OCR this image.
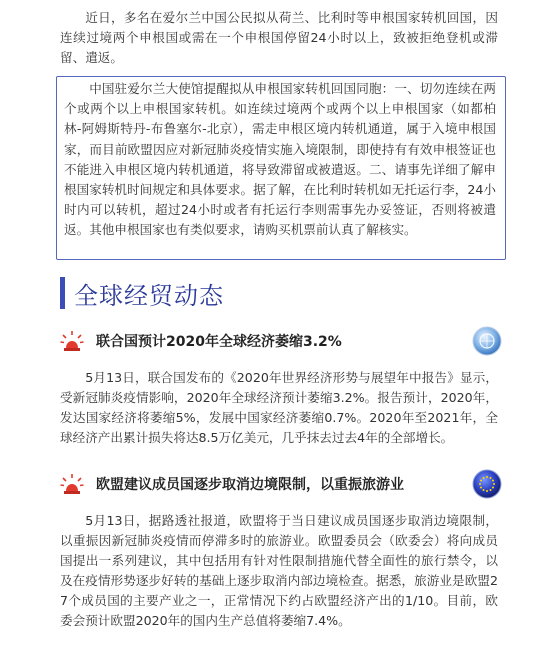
近日，多名在爱尔兰中国公民拟从荷兰、比利时等申根国家转机回国，因连续过境两个申根国或需在一个申根国停留24小时以上，致被拒绝登机或滞留、遣返。

中国驻爱尔兰大使馆提醒拟从申根国家转机回国同胞：一、切勿连续在两个或两个以上申根国家转机。如连续过境两个或两个以上申根国家（如都柏林-阿姆斯特丹-布鲁塞尔-北京），需走申根区境内转机通道，属于入境申根国家，而目前欧盟因应对新冠肺炎疫情实施入境限制，即使持有有效申根签证也不能进入申根区境内转机通道，将导致滞留或被遣返。二、请事先详细了解申根国家转机时间规定和具体要求。据了解，在比利时转机如无托运行李，24小时内可以转机，超过24小时或者有托运行李则需事先办妥签证，否则将被遣返。其他申根国家也有类似要求，请购买机票前认真了解核实。

全球经贸动态
联合国预计2020年全球经济萎缩3.2%

5月13日，联合国发布的《2020年世界经济形势与展望年中报告》显示，受新冠肺炎疫情影响，2020年全球经济预计萎缩3.2%。报告预计，2020年，发达国家经济将萎缩5%，发展中国家经济萎缩0.7%。2020年至2021年，全球经济产出累计损失将达8.5万亿美元，几乎抹去过去4年的全部增长。

欧盟建议成员国逐步取消边境限制，以重振旅游业

5月13日，据路透社报道，欧盟将于当日建议成员国逐步取消边境限制，以重振因新冠肺炎疫情而停滞多时的旅游业。欧盟委员会（欧委会）将向成员国提出一系列建议，其中包括用有针对性限制措施代替全面性的旅行禁令，以及在疫情形势逐步好转的基础上逐步取消内部边境检查。据悉，旅游业是欧盟27个成员国的主要产业之一，正常情况下约占欧盟经济产出的1/10。目前，欧委会预计欧盟2020年的国内生产总值将萎缩7.4%。
